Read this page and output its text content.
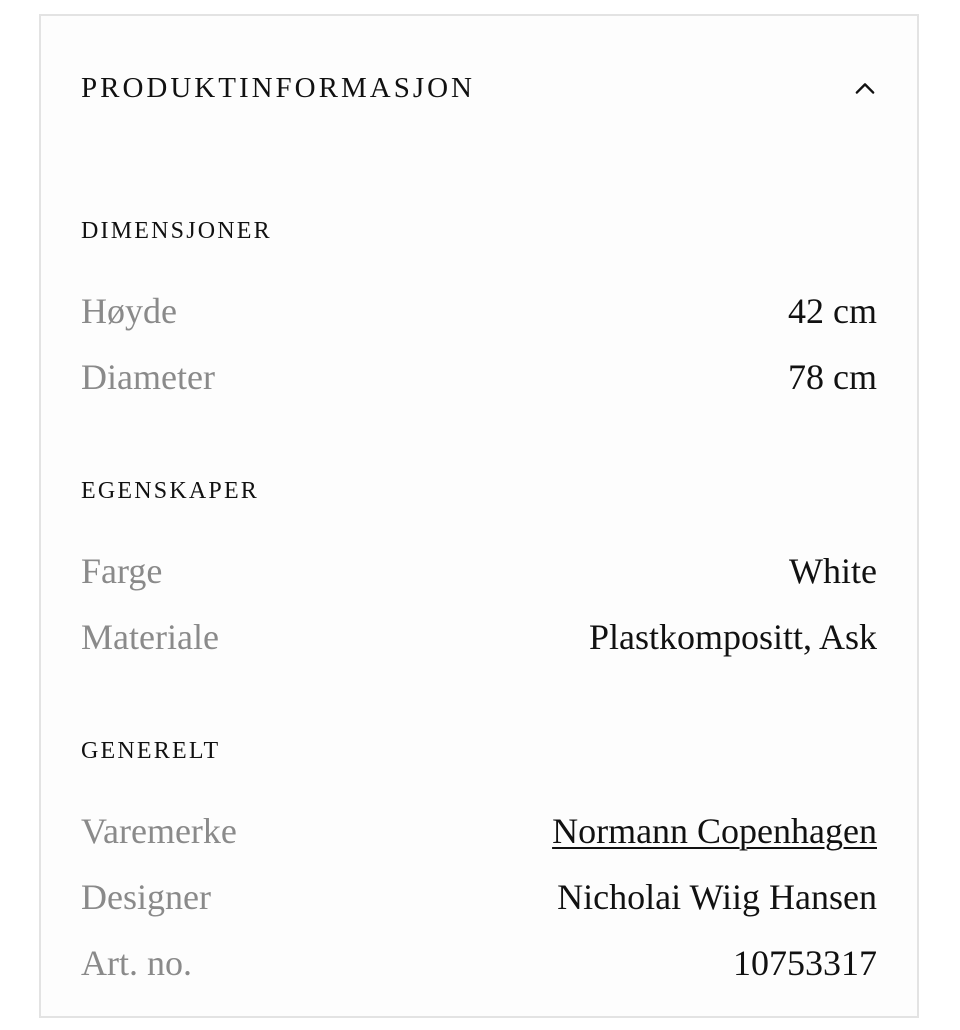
PRODUKTINFORMASJON
DIMENSJONER
Høyde	42 cm
Diameter	78 cm
EGENSKAPER
Farge	White
Materiale	Plastkompositt, Ask
GENERELT
Varemerke	Normann Copenhagen
Designer	Nicholai Wiig Hansen
Art. no.	10753317
